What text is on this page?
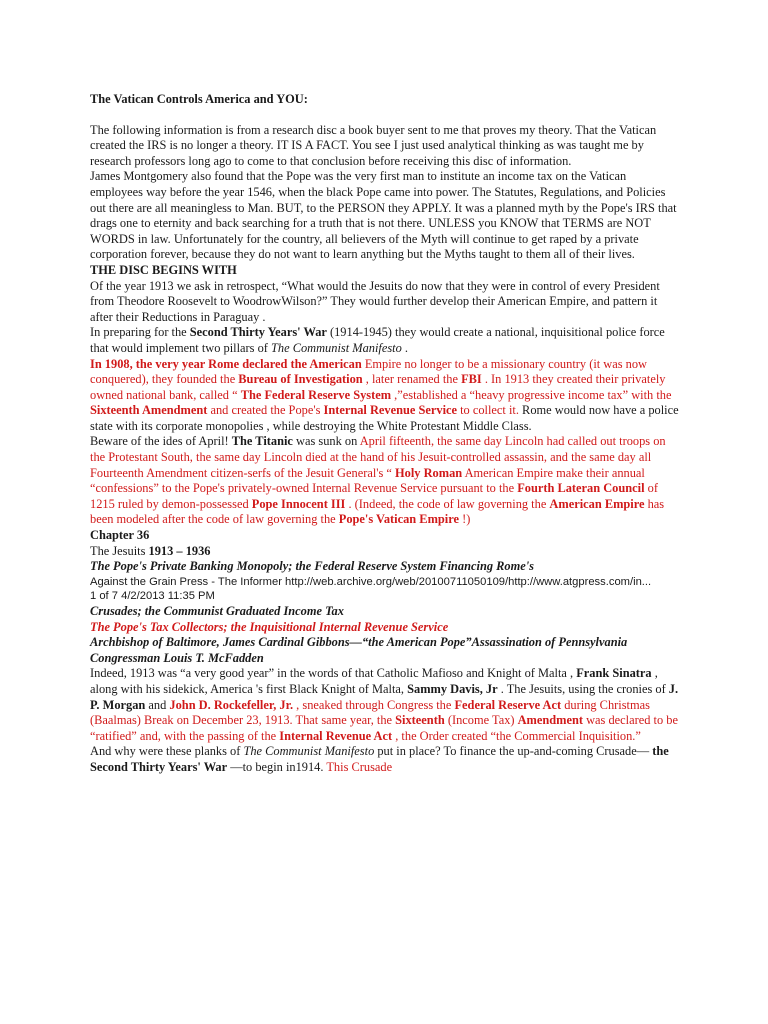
The Vatican Controls America and YOU:

The following information is from a research disc a book buyer sent to me that proves my theory. That the Vatican created the IRS is no longer a theory. IT IS A FACT. You see I just used analytical thinking as was taught me by research professors long ago to come to that conclusion before receiving this disc of information.

James Montgomery also found that the Pope was the very first man to institute an income tax on the Vatican employees way before the year 1546, when the black Pope came into power. The Statutes, Regulations, and Policies out there are all meaningless to Man. BUT, to the PERSON they APPLY. It was a planned myth by the Pope's IRS that drags one to eternity and back searching for a truth that is not there. UNLESS you KNOW that TERMS are NOT WORDS in law. Unfortunately for the country, all believers of the Myth will continue to get raped by a private corporation forever, because they do not want to learn anything but the Myths taught to them all of their lives.

THE DISC BEGINS WITH

Of the year 1913 we ask in retrospect, “What would the Jesuits do now that they were in control of every President from Theodore Roosevelt to WoodrowWilson?” They would further develop their American Empire, and pattern it after their Reductions in Paraguay .

In preparing for the Second Thirty Years' War (1914-1945) they would create a national, inquisitional police force that would implement two pillars of The Communist Manifesto .

In 1908, the very year Rome declared the American Empire no longer to be a missionary country (it was now conquered), they founded the Bureau of Investigation , later renamed the FBI . In 1913 they created their privately owned national bank, called “ The Federal Reserve System ,”established a “heavy progressive income tax” with the Sixteenth Amendment and created the Pope's Internal Revenue Service to collect it. Rome would now have a police state with its corporate monopolies , while destroying the White Protestant Middle Class.

Beware of the ides of April! The Titanic was sunk on April fifteenth, the same day Lincoln had called out troops on the Protestant South, the same day Lincoln died at the hand of his Jesuit-controlled assassin, and the same day all Fourteenth Amendment citizen-serfs of the Jesuit General's “ Holy Roman American Empire make their annual “confessions” to the Pope's privately-owned Internal Revenue Service pursuant to the Fourth Lateran Council of 1215 ruled by demon-possessed Pope Innocent III . (Indeed, the code of law governing the American Empire has been modeled after the code of law governing the Pope's Vatican Empire !)

Chapter 36

The Jesuits 1913 – 1936

The Pope's Private Banking Monopoly; the Federal Reserve System Financing Rome's

Against the Grain Press - The Informer http://web.archive.org/web/20100711050109/http://www.atgpress.com/in...

1 of 7 4/2/2013 11:35 PM

Crusades; the Communist Graduated Income Tax

The Pope's Tax Collectors; the Inquisitional Internal Revenue Service

Archbishop of Baltimore, James Cardinal Gibbons—“the American Pope”Assassination of Pennsylvania Congressman Louis T. McFadden

Indeed, 1913 was “a very good year” in the words of that Catholic Mafioso and Knight of Malta , Frank Sinatra , along with his sidekick, America 's first Black Knight of Malta, Sammy Davis, Jr . The Jesuits, using the cronies of J. P. Morgan and John D. Rockefeller, Jr. , sneaked through Congress the Federal Reserve Act during Christmas (Baalmas) Break on December 23, 1913. That same year, the Sixteenth (Income Tax) Amendment was declared to be “ratified” and, with the passing of the Internal Revenue Act , the Order created “the Commercial Inquisition.”

And why were these planks of The Communist Manifesto put in place? To finance the up-and-coming Crusade— the Second Thirty Years' War —to begin in1914. This Crusade
